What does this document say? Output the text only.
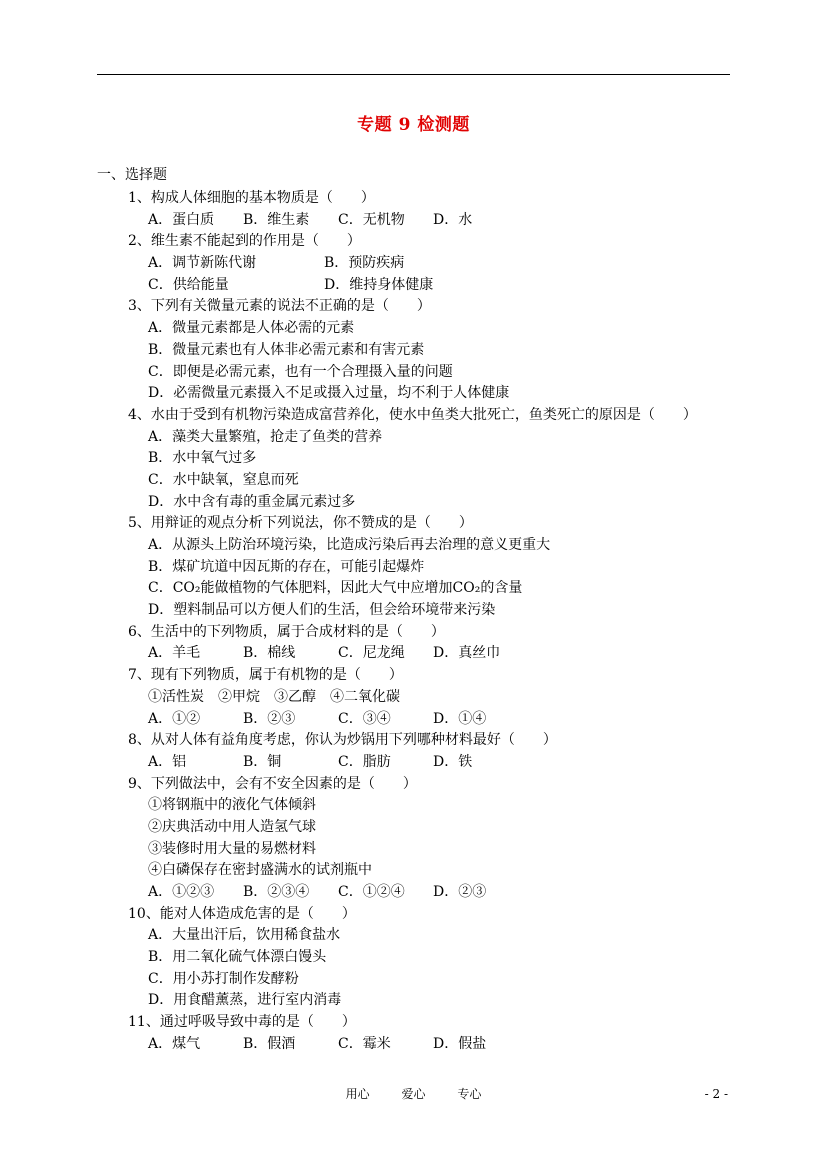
专题 9 检测题
一、选择题
1、构成人体细胞的基本物质是（　　）
A．蛋白质	B．维生素	C．无机物	D．水
2、维生素不能起到的作用是（　　）
A．调节新陈代谢	B．预防疾病
C．供给能量	D．维持身体健康
3、下列有关微量元素的说法不正确的是（　　）
A．微量元素都是人体必需的元素
B．微量元素也有人体非必需元素和有害元素
C．即便是必需元素，也有一个合理摄入量的问题
D．必需微量元素摄入不足或摄入过量，均不利于人体健康
4、水由于受到有机物污染造成富营养化，使水中鱼类大批死亡，鱼类死亡的原因是（　　）
A．藻类大量繁殖，抢走了鱼类的营养
B．水中氧气过多
C．水中缺氧，窒息而死
D．水中含有毒的重金属元素过多
5、用辩证的观点分析下列说法，你不赞成的是（　　）
A．从源头上防治环境污染，比造成污染后再去治理的意义更重大
B．煤矿坑道中因瓦斯的存在，可能引起爆炸
C．CO₂能做植物的气体肥料，因此大气中应增加CO₂的含量
D．塑料制品可以方便人们的生活，但会给环境带来污染
6、生活中的下列物质，属于合成材料的是（　　）
A．羊毛	B．棉线	C．尼龙绳	D．真丝巾
7、现有下列物质，属于有机物的是（　　）
①活性炭　②甲烷　③乙醇　④二氧化碳
A．①②	B．②③	C．③④	D．①④
8、从对人体有益角度考虑，你认为炒锅用下列哪种材料最好（　　）
A．铝	B．铜	C．脂肪	D．铁
9、下列做法中，会有不安全因素的是（　　）
①将钢瓶中的液化气体倾斜
②庆典活动中用人造氢气球
③装修时用大量的易燃材料
④白磷保存在密封盛满水的试剂瓶中
A．①②③	B．②③④	C．①②④	D．②③
10、能对人体造成危害的是（　　）
A．大量出汗后，饮用稀食盐水
B．用二氧化硫气体漂白馒头
C．用小苏打制作发酵粉
D．用食醋薰蒸，进行室内消毒
11、通过呼吸导致中毒的是（　　）
A．煤气	B．假酒	C．霉米	D．假盐
用心	爱心	专心	- 2 -
